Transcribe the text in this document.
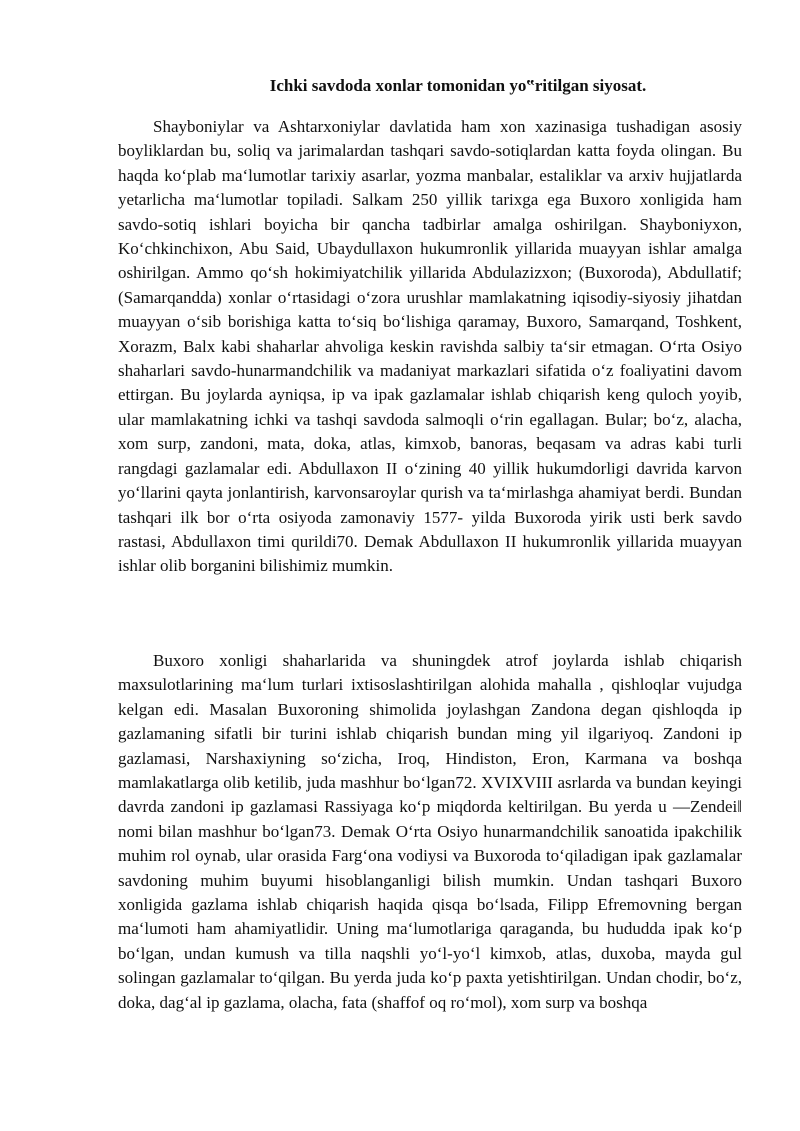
Ichki savdoda xonlar tomonidan yo‟ritilgan siyosat.

Shayboniylar va Ashtarxoniylar davlatida ham xon xazinasiga tushadigan asosiy boyliklardan bu, soliq va jarimalardan tashqari savdo-sotiqlardan katta foyda olingan. Bu haqda ko‘plab ma‘lumotlar tarixiy asarlar, yozma manbalar, estaliklar va arxiv hujjatlarda yetarlicha ma‘lumotlar topiladi. Salkam 250 yillik tarixga ega Buxoro xonligida ham savdo-sotiq ishlari boyicha bir qancha tadbirlar amalga oshirilgan. Shayboniyxon, Ko‘chkinchixon, Abu Said, Ubaydullaxon hukumronlik yillarida muayyan ishlar amalga oshirilgan. Ammo qo‘sh hokimiyatchilik yillarida Abdulazizxon; (Buxoroda), Abdullatif; (Samarqandda) xonlar o‘rtasidagi o‘zora urushlar mamlakatning iqisodiy-siyosiy jihatdan muayyan o‘sib borishiga katta to‘siq bo‘lishiga qaramay, Buxoro, Samarqand, Toshkent, Xorazm, Balx kabi shaharlar ahvoliga keskin ravishda salbiy ta‘sir etmagan. O‘rta Osiyo shaharlari savdo-hunarmandchilik va madaniyat markazlari sifatida o‘z foaliyatini davom ettirgan. Bu joylarda ayniqsa, ip va ipak gazlamalar ishlab chiqarish keng quloch yoyib, ular mamlakatning ichki va tashqi savdoda salmoqli o‘rin egallagan. Bular; bo‘z, alacha, xom surp, zandoni, mata, doka, atlas, kimxob, banoras, beqasam va adras kabi turli rangdagi gazlamalar edi. Abdullaxon II o‘zining 40 yillik hukumdorligi davrida karvon yo‘llarini qayta jonlantirish, karvonsaroylar qurish va ta‘mirlashga ahamiyat berdi. Bundan tashqari ilk bor o‘rta osiyoda zamonaviy 1577- yilda Buxoroda yirik usti berk savdo rastasi, Abdullaxon timi qurildi70. Demak Abdullaxon II hukumronlik yillarida muayyan ishlar olib borganini bilishimiz mumkin.

Buxoro xonligi shaharlarida va shuningdek atrof joylarda ishlab chiqarish maxsulotlarining ma‘lum turlari ixtisoslashtirilgan alohida mahalla , qishloqlar vujudga kelgan edi. Masalan Buxoroning shimolida joylashgan Zandona degan qishloqda ip gazlamaning sifatli bir turini ishlab chiqarish bundan ming yil ilgariyoq. Zandoni ip gazlamasi, Narshaxiyning so‘zicha, Iroq, Hindiston, Eron, Karmana va boshqa mamlakatlarga olib ketilib, juda mashhur bo‘lgan72. XVIXVIII asrlarda va bundan keyingi davrda zandoni ip gazlamasi Rassiyaga ko‘p miqdorda keltirilgan. Bu yerda u ―Zendei‖ nomi bilan mashhur bo‘lgan73. Demak O‘rta Osiyo hunarmandchilik sanoatida ipakchilik muhim rol oynab, ular orasida Farg‘ona vodiysi va Buxoroda to‘qiladigan ipak gazlamalar savdoning muhim buyumi hisoblanganligi bilish mumkin. Undan tashqari Buxoro xonligida gazlama ishlab chiqarish haqida qisqa bo‘lsada, Filipp Efremovning bergan ma‘lumoti ham ahamiyatlidir. Uning ma‘lumotlariga qaraganda, bu hududda ipak ko‘p bo‘lgan, undan kumush va tilla naqshli yo‘l-yo‘l kimxob, atlas, duxoba, mayda gul solingan gazlamalar to‘qilgan. Bu yerda juda ko‘p paxta yetishtirilgan. Undan chodir, bo‘z, doka, dag‘al ip gazlama, olacha, fata (shaffof oq ro‘mol), xom surp va boshqa
